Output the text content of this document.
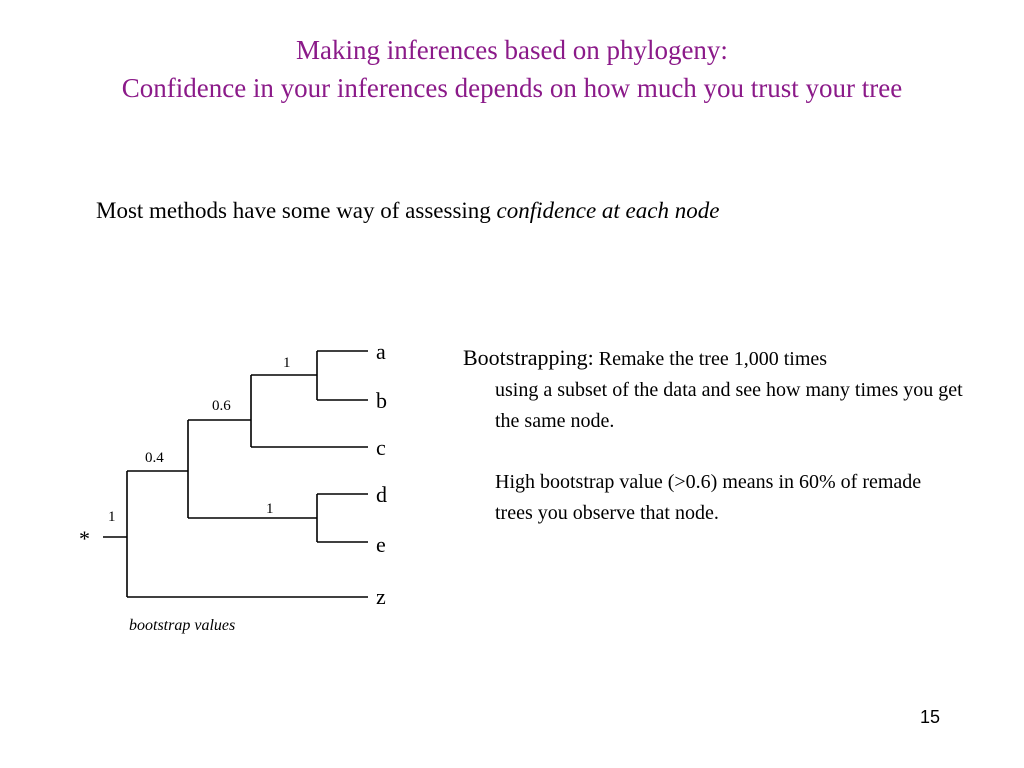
Making inferences based on phylogeny:
Confidence in your inferences depends on how much you trust your tree
Most methods have some way of assessing confidence at each node
a
b
c
d
e
z
1
0.4
0.6
1
1
*
bootstrap values

Bootstrapping: Remake the tree 1,000 times

using a subset of the data and see how many times you get the same node.

High bootstrap value (>0.6) means in 60% of remade trees you observe that node.

15
